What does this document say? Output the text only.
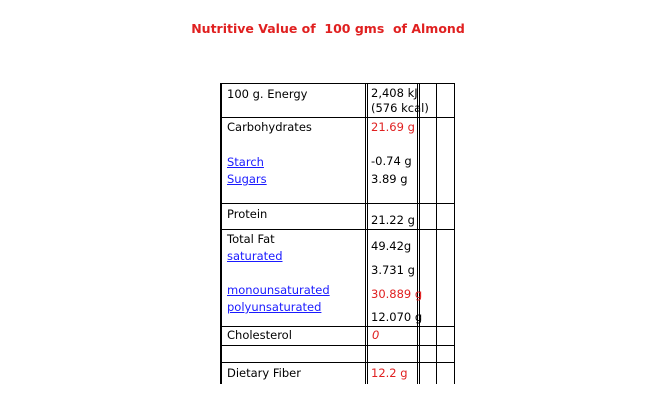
Nutritive Value of  100 gms  of Almond
100 g. Energy
Carbohydrates
Starch
Sugars
Protein
Total Fat
saturated
monounsaturated
polyunsaturated
Cholesterol
Dietary Fiber
2,408 kJ
(576 kcal)
21.69 g
-0.74 g
3.89 g
21.22 g
49.42g
3.731 g
30.889 g
12.070 g
0
12.2 g
